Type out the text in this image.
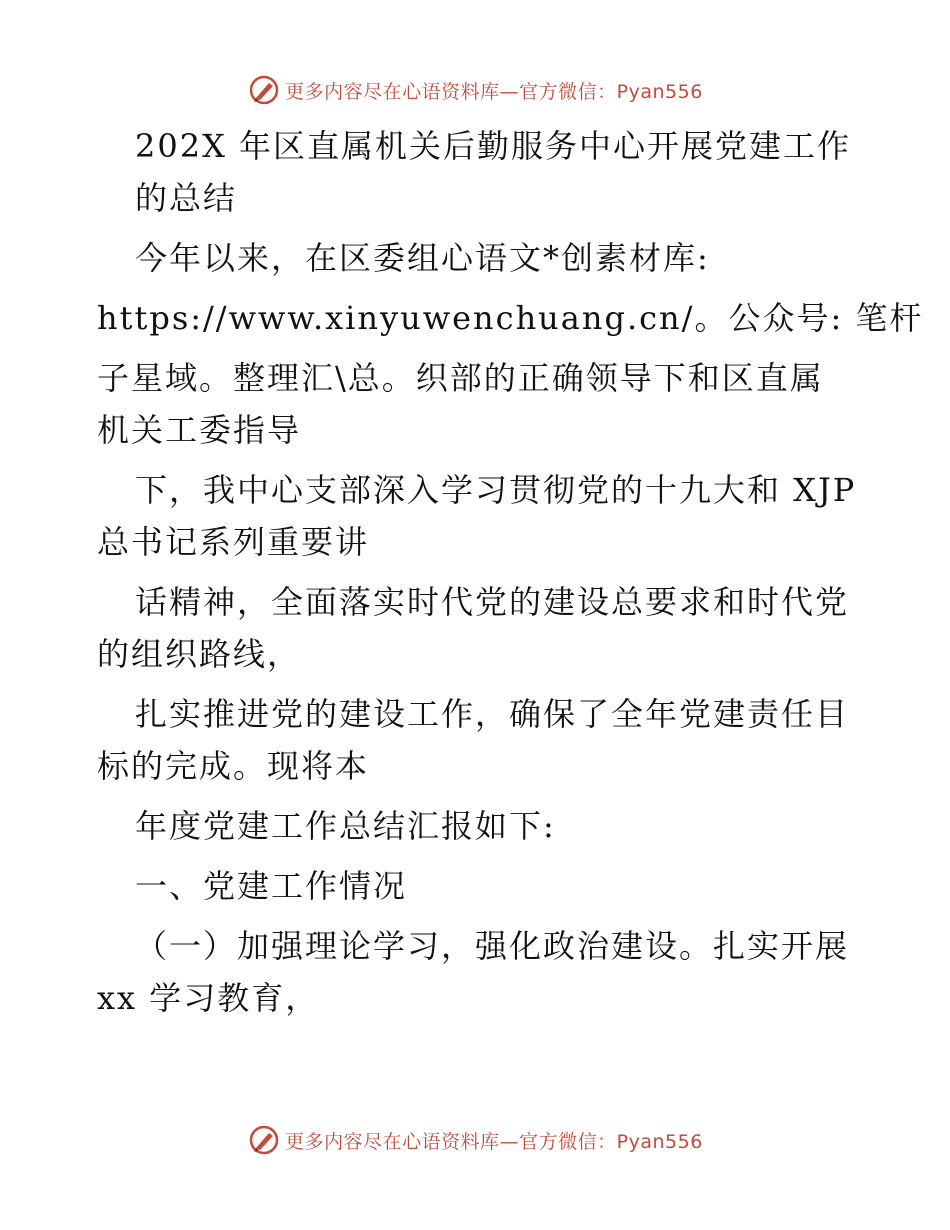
更多内容尽在心语资料库—官方微信：Pyan556
202X 年区直属机关后勤服务中心开展党建工作
的总结
今年以来，在区委组心语文*创素材库:
https://www.xinyuwenchuang.cn/。公众号: 笔杆
子星域。整理汇\总。织部的正确领导下和区直属
机关工委指导
下，我中心支部深入学习贯彻党的十九大和 XJP
总书记系列重要讲
话精神，全面落实时代党的建设总要求和时代党
的组织路线，
扎实推进党的建设工作，确保了全年党建责任目
标的完成。现将本
年度党建工作总结汇报如下:
一、党建工作情况
（一）加强理论学习，强化政治建设。扎实开展
xx 学习教育，
更多内容尽在心语资料库—官方微信：Pyan556
